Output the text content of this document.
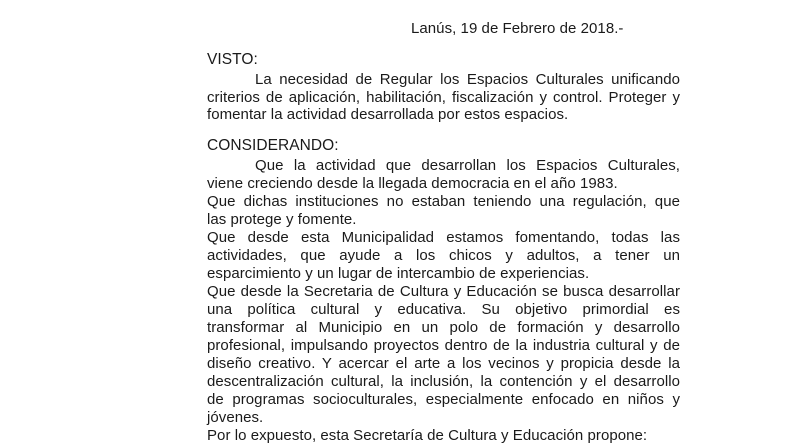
Lanús, 19 de Febrero de 2018.-
VISTO:
La necesidad de Regular los Espacios Culturales unificando
criterios de aplicación, habilitación, fiscalización y control. Proteger y
fomentar la actividad desarrollada por estos espacios.
CONSIDERANDO:
Que la actividad que desarrollan los Espacios Culturales,
viene creciendo desde la llegada democracia en el año 1983.
Que dichas instituciones no estaban teniendo una regulación, que
las protege y fomente.
Que desde esta Municipalidad estamos fomentando, todas las
actividades, que ayude a los chicos y adultos, a tener un
esparcimiento y un lugar de intercambio de experiencias.
Que desde la Secretaria de Cultura y Educación se busca desarrollar
una política cultural y educativa. Su objetivo primordial es
transformar al Municipio en un polo de formación y desarrollo
profesional, impulsando proyectos dentro de la industria cultural y de
diseño creativo. Y acercar el arte a los vecinos y propicia desde la
descentralización cultural, la inclusión, la contención y el desarrollo
de programas socioculturales, especialmente enfocado en niños y
jóvenes.
Por lo expuesto, esta Secretaría de Cultura y Educación propone:
